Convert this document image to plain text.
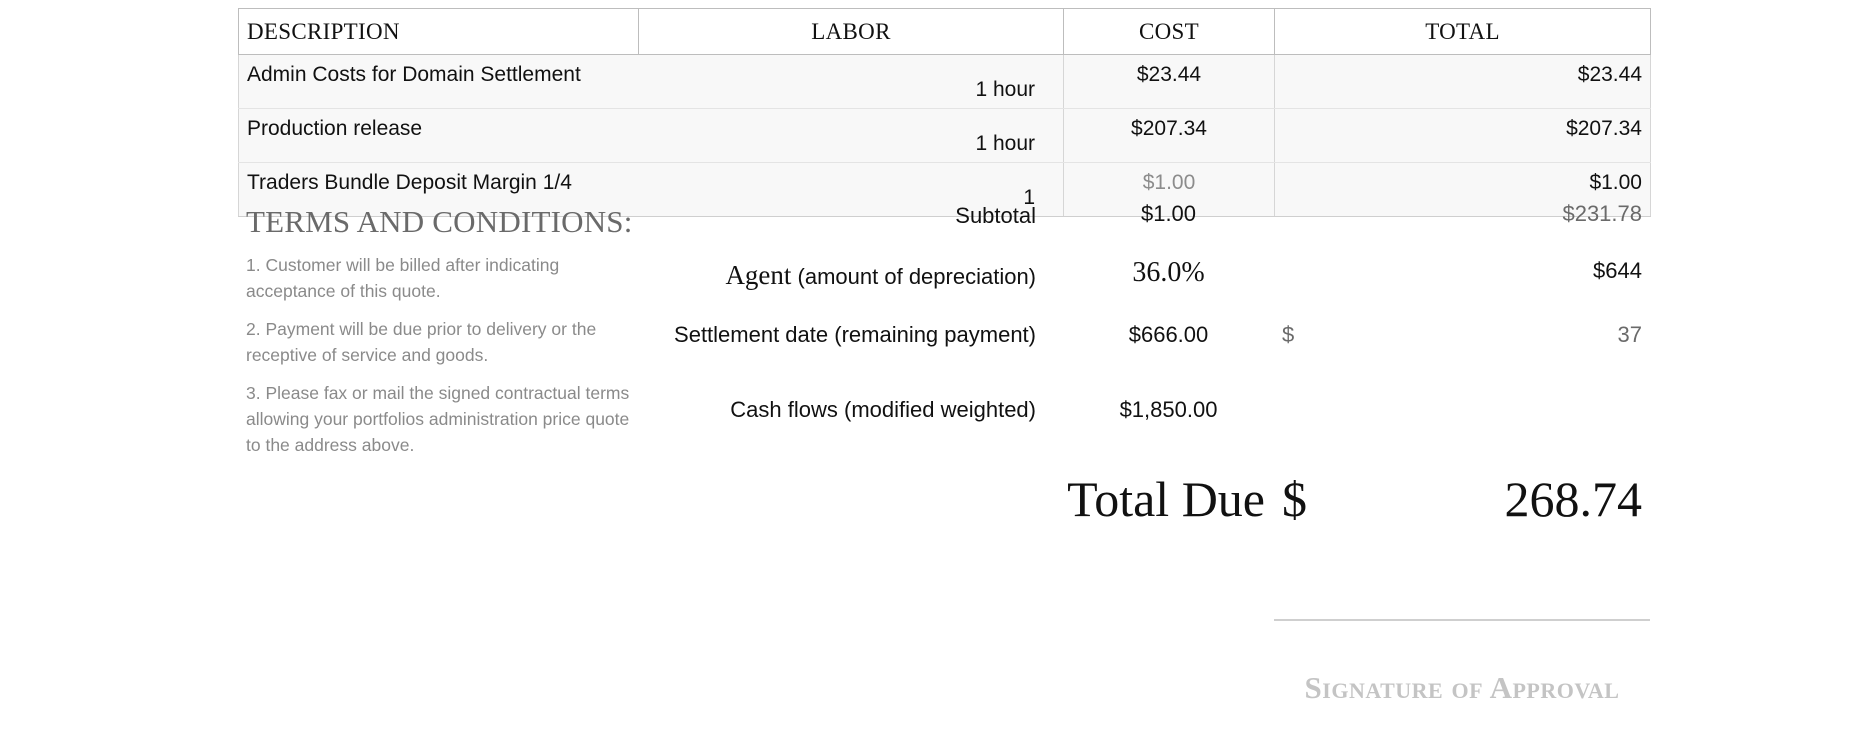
DESCRIPTION	LABOR	COST	TOTAL
Admin Costs for Domain Settlement	1 hour	$23.44	$23.44
Production release	1 hour	$207.34	$207.34
Traders Bundle Deposit Margin 1/4	1	$1.00	$1.00
TERMS AND CONDITIONS:
1. Customer will be billed after indicating acceptance of this quote.
2. Payment will be due prior to delivery or the receptive of service and goods.
3. Please fax or mail the signed contractual terms allowing your portfolios administration price quote to the address above.
Subtotal	$1.00	$231.78
Agent (amount of depreciation)	36.0%	$644
Settlement date (remaining payment)	$666.00	$	37
Cash flows (modified weighted)	$1,850.00
Total Due $	268.74
Signature of Approval
